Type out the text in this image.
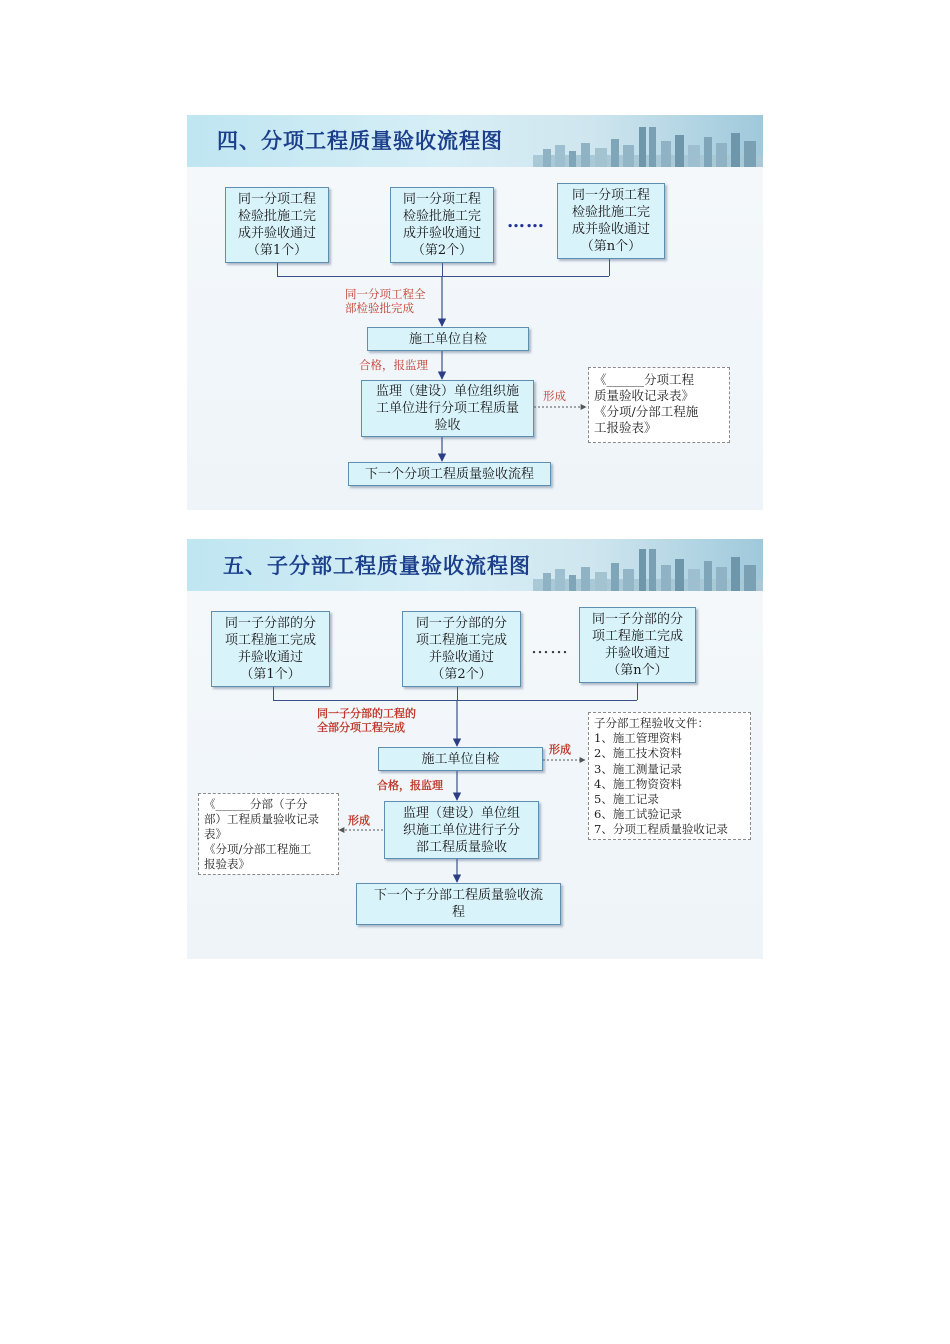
四、分项工程质量验收流程图
同一分项工程
检验批施工完
成并验收通过
（第1个）
同一分项工程
检验批施工完
成并验收通过
（第2个）
……
同一分项工程
检验批施工完
成并验收通过
（第n个）
同一分项工程全
部检验批完成
施工单位自检
合格，报监理
监理（建设）单位组织施
工单位进行分项工程质量
验收
形成
《______分项工程
质量验收记录表》
《分项/分部工程施
工报验表》
下一个分项工程质量验收流程
五、子分部工程质量验收流程图
同一子分部的分
项工程施工完成
并验收通过
（第1个）
同一子分部的分
项工程施工完成
并验收通过
（第2个）
……
同一子分部的分
项工程施工完成
并验收通过
（第n个）
同一子分部的工程的
全部分项工程完成
施工单位自检
形成
子分部工程验收文件：
1、施工管理资料
2、施工技术资料
3、施工测量记录
4、施工物资资料
5、施工记录
6、施工试验记录
7、分项工程质量验收记录
合格，报监理
《______分部（子分
部）工程质量验收记录
表》
《分项/分部工程施工
报验表》
形成	监理（建设）单位组
织施工单位进行子分
部工程质量验收
下一个子分部工程质量验收流
程
